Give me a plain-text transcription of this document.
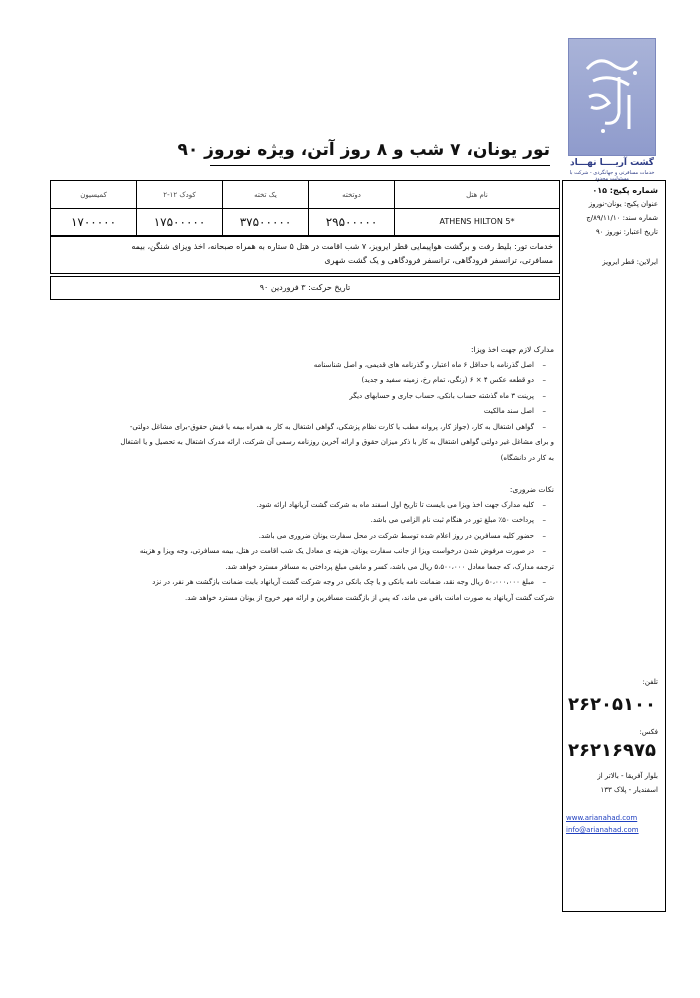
گشت آریــــا نهـــاد
خدمات مسافرتی و جهانگردی - شرکت با مسئولیت محدود
تور یونان، ۷ شب و ۸ روز آتن، ویژه نوروز ۹۰
شماره پکیج: ۰۱۵
عنوان پکیج: یونان-نوروز
شماره سند: ۸۹/۱۱/۱۰/ج
تاریخ اعتبار: نوروز ۹۰
ایرلاین: قطر ایرویز
تلفن:
۲۶۲۰۵۱۰۰
فکس:
۲۶۲۱۶۹۷۵
بلوار آفریقا - بالاتر از
اسفندیار - پلاک ۱۳۳
www.arianahad.com
info@arianahad.com
کمیسیون	کودک ۱۲-۲	یک تخته	دوتخته	نام هتل
۱۷۰۰۰۰۰	۱۷۵۰۰۰۰۰	۳۷۵۰۰۰۰۰	۲۹۵۰۰۰۰۰	ATHENS HILTON 5*
خدمات تور: بلیط رفت و برگشت هواپیمایی قطر ایرویز، ۷ شب اقامت در هتل ۵ ستاره به همراه صبحانه، اخذ ویزای شنگن، بیمه
مسافرتی، ترانسفر فرودگاهی، ترانسفر فرودگاهی و یک گشت شهری
تاریخ حرکت: ۳ فروردین ۹۰
مدارک لازم جهت اخذ ویزا:
– اصل گذرنامه با حداقل ۶ ماه اعتبار، و گذرنامه های قدیمی، و اصل شناسنامه
– دو قطعه عکس ۴ × ۶ (رنگی، تمام رخ، زمینه سفید و جدید)
– پرینت ۳ ماه گذشته حساب بانکی، حساب جاری و حسابهای دیگر
– اصل سند مالکیت
– گواهی اشتغال به کار، (جواز کار، پروانه مطب یا کارت نظام پزشکی، گواهی اشتغال به کار به همراه بیمه یا فیش حقوق-برای مشاغل دولتی-
و برای مشاغل غیر دولتی گواهی اشتغال به کار با ذکر میزان حقوق و ارائه آخرین روزنامه رسمی آن شرکت، ارائه مدرک اشتغال به تحصیل و یا اشتغال
به کار در دانشگاه)
نکات ضروری:
– کلیه مدارک جهت اخذ ویزا می بایست تا تاریخ اول اسفند ماه به شرکت گشت آریانهاد ارائه شود.
– پرداخت ۵۰٪ مبلغ تور در هنگام ثبت نام الزامی می باشد.
– حضور کلیه مسافرین در روز اعلام شده توسط شرکت در محل سفارت یونان ضروری می باشد.
– در صورت مرفوض شدن درخواست ویزا از جانب سفارت یونان، هزینه ی معادل یک شب اقامت در هتل، بیمه مسافرتی، وجه ویزا و هزینه
ترجمه مدارک، که جمعا معادل ۵،۵۰۰،۰۰۰ ریال می باشد، کسر و مابقی مبلغ پرداختی به مسافر مسترد خواهد شد.
– مبلغ ۵۰،۰۰۰،۰۰۰ ریال وجه نقد، ضمانت نامه بانکی و یا چک بانکی در وجه شرکت گشت آریانهاد بابت ضمانت بازگشت هر نفر، در نزد
شرکت گشت آریانهاد به صورت امانت باقی می ماند، که پس از بازگشت مسافرین و ارائه مهر خروج از یونان مسترد خواهد شد.
